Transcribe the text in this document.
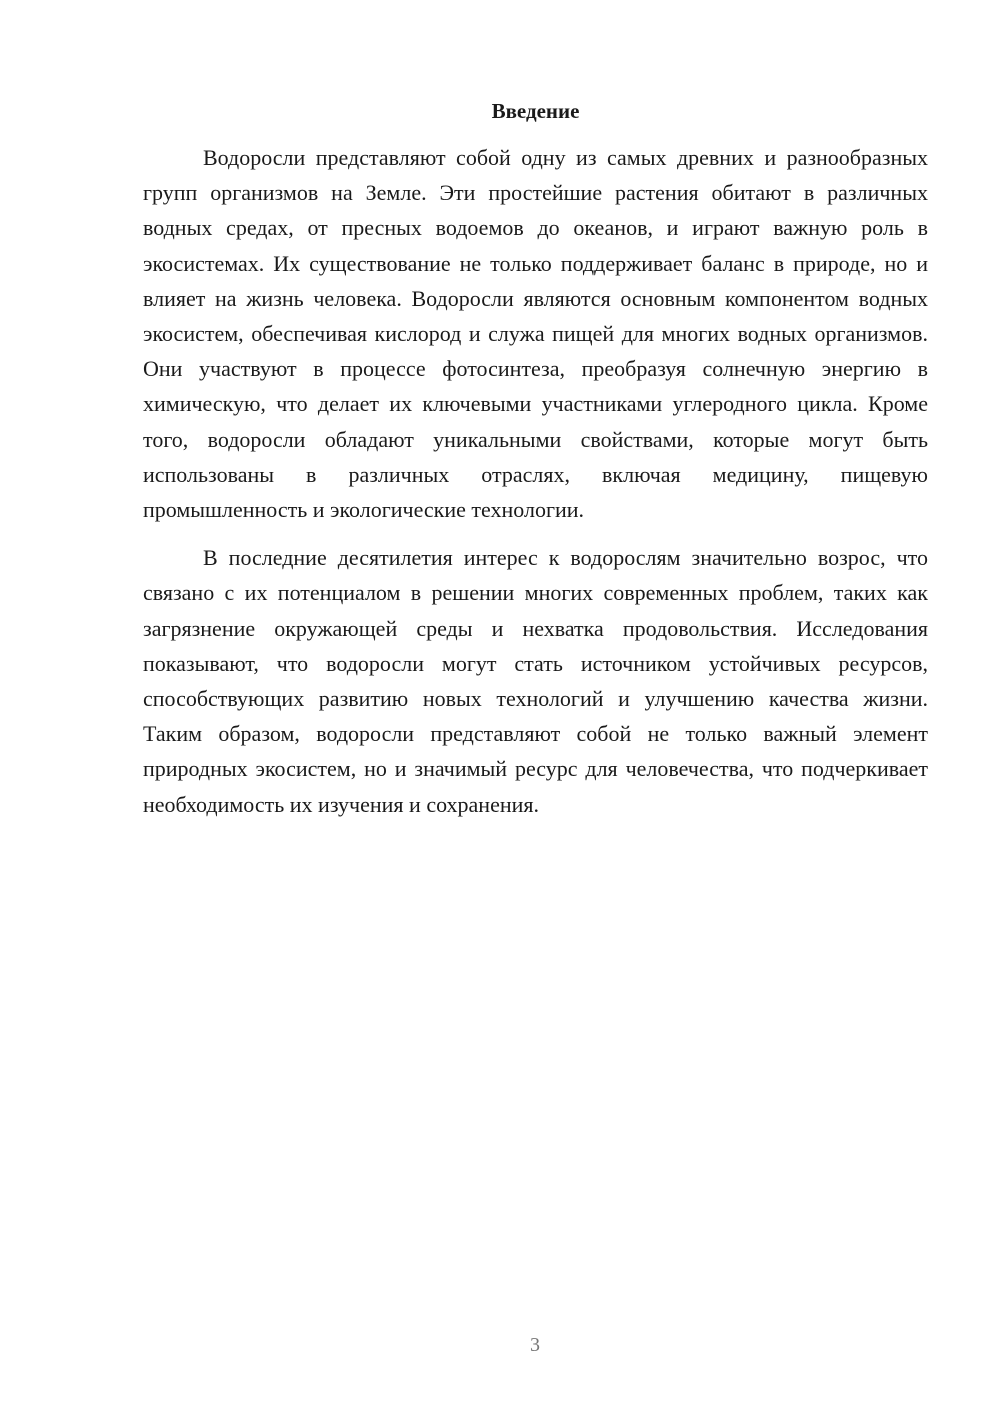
Введение

Водоросли представляют собой одну из самых древних и разнообразных групп организмов на Земле. Эти простейшие растения обитают в различных водных средах, от пресных водоемов до океанов, и играют важную роль в экосистемах. Их существование не только поддерживает баланс в природе, но и влияет на жизнь человека. Водоросли являются основным компонентом водных экосистем, обеспечивая кислород и служа пищей для многих водных организмов. Они участвуют в процессе фотосинтеза, преобразуя солнечную энергию в химическую, что делает их ключевыми участниками углеродного цикла. Кроме того, водоросли обладают уникальными свойствами, которые могут быть использованы в различных отраслях, включая медицину, пищевую промышленность и экологические технологии.

В последние десятилетия интерес к водорослям значительно возрос, что связано с их потенциалом в решении многих современных проблем, таких как загрязнение окружающей среды и нехватка продовольствия. Исследования показывают, что водоросли могут стать источником устойчивых ресурсов, способствующих развитию новых технологий и улучшению качества жизни. Таким образом, водоросли представляют собой не только важный элемент природных экосистем, но и значимый ресурс для человечества, что подчеркивает необходимость их изучения и сохранения.

3
